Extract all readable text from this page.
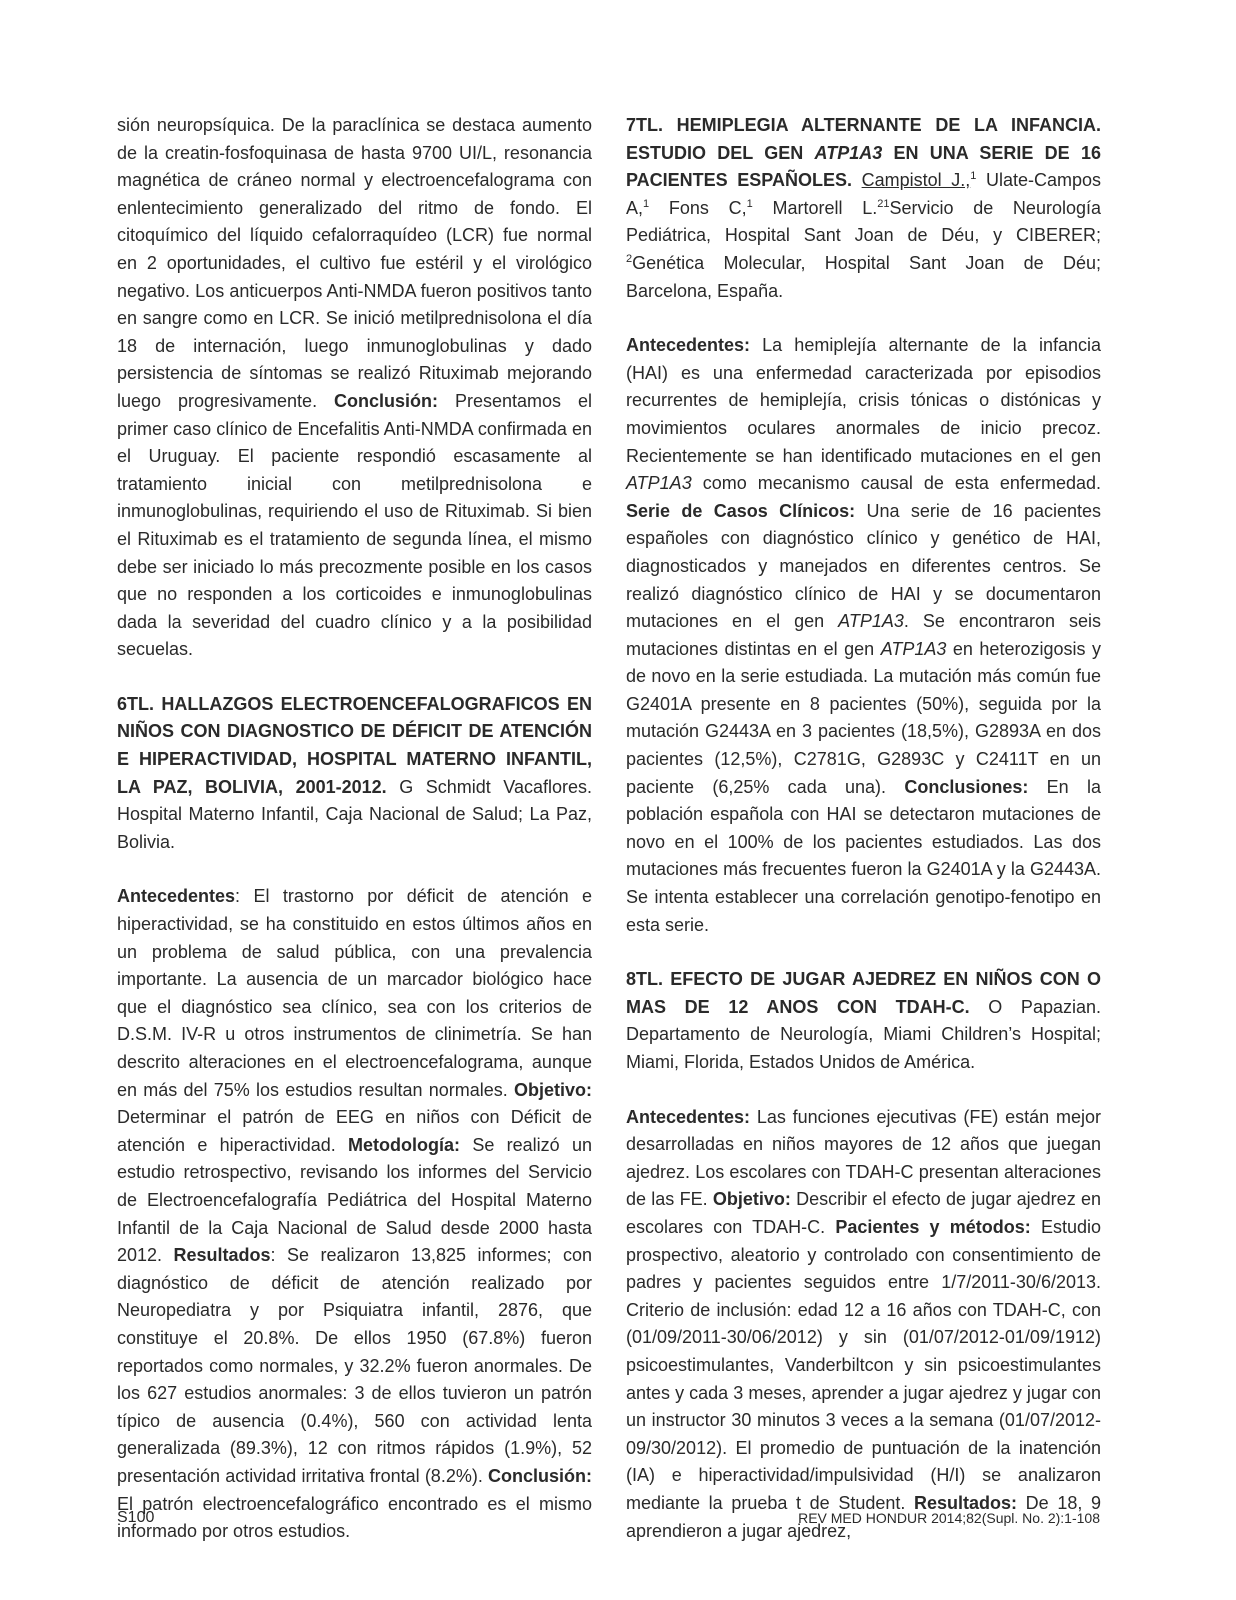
sión neuropsíquica. De la paraclínica se destaca aumento de la creatin-fosfoquinasa de hasta 9700 UI/L, resonancia magnética de cráneo normal y electroencefalograma con enlentecimiento generalizado del ritmo de fondo. El citoquímico del líquido cefalorraquídeo (LCR) fue normal en 2 oportunidades, el cultivo fue estéril y el virológico negativo. Los anticuerpos Anti-NMDA fueron positivos tanto en sangre como en LCR. Se inició metilprednisolona el día 18 de internación, luego inmunoglobulinas y dado persistencia de síntomas se realizó Rituximab mejorando luego progresivamente. Conclusión: Presentamos el primer caso clínico de Encefalitis Anti-NMDA confirmada en el Uruguay. El paciente respondió escasamente al tratamiento inicial con metilprednisolona e inmunoglobulinas, requiriendo el uso de Rituximab. Si bien el Rituximab es el tratamiento de segunda línea, el mismo debe ser iniciado lo más precozmente posible en los casos que no responden a los corticoides e inmunoglobulinas dada la severidad del cuadro clínico y a la posibilidad secuelas.

6TL. HALLAZGOS ELECTROENCEFALOGRAFICOS EN NIÑOS CON DIAGNOSTICO DE DÉFICIT DE ATENCIÓN E HIPERACTIVIDAD, HOSPITAL MATERNO INFANTIL, LA PAZ, BOLIVIA, 2001-2012. G Schmidt Vacaflores. Hospital Materno Infantil, Caja Nacional de Salud; La Paz, Bolivia.

Antecedentes: El trastorno por déficit de atención e hiperactividad, se ha constituido en estos últimos años en un problema de salud pública, con una prevalencia importante. La ausencia de un marcador biológico hace que el diagnóstico sea clínico, sea con los criterios de D.S.M. IV-R u otros instrumentos de clinimetría. Se han descrito alteraciones en el electroencefalograma, aunque en más del 75% los estudios resultan normales. Objetivo: Determinar el patrón de EEG en niños con Déficit de atención e hiperactividad. Metodología: Se realizó un estudio retrospectivo, revisando los informes del Servicio de Electroencefalografía Pediátrica del Hospital Materno Infantil de la Caja Nacional de Salud desde 2000 hasta 2012. Resultados: Se realizaron 13,825 informes; con diagnóstico de déficit de atención realizado por Neuropediatra y por Psiquiatra infantil, 2876, que constituye el 20.8%. De ellos 1950 (67.8%) fueron reportados como normales, y 32.2% fueron anormales. De los 627 estudios anormales: 3 de ellos tuvieron un patrón típico de ausencia (0.4%), 560 con actividad lenta generalizada (89.3%), 12 con ritmos rápidos (1.9%), 52 presentación actividad irritativa frontal (8.2%). Conclusión: El patrón electroencefalográfico encontrado es el mismo informado por otros estudios.

7TL. HEMIPLEGIA ALTERNANTE DE LA INFANCIA. ESTUDIO DEL GEN ATP1A3 EN UNA SERIE DE 16 PACIENTES ESPAÑOLES. Campistol J.,$^1$ Ulate-Campos A,$^1$ Fons C,$^1$ Martorell L.$^{21}$Servicio de Neurología Pediátrica, Hospital Sant Joan de Déu, y CIBERER; $^2$Genética Molecular, Hospital Sant Joan de Déu; Barcelona, España.

Antecedentes: La hemiplejía alternante de la infancia (HAI) es una enfermedad caracterizada por episodios recurrentes de hemiplejía, crisis tónicas o distónicas y movimientos oculares anormales de inicio precoz. Recientemente se han identificado mutaciones en el gen ATP1A3 como mecanismo causal de esta enfermedad. Serie de Casos Clínicos: Una serie de 16 pacientes españoles con diagnóstico clínico y genético de HAI, diagnosticados y manejados en diferentes centros. Se realizó diagnóstico clínico de HAI y se documentaron mutaciones en el gen ATP1A3. Se encontraron seis mutaciones distintas en el gen ATP1A3 en heterozigosis y de novo en la serie estudiada. La mutación más común fue G2401A presente en 8 pacientes (50%), seguida por la mutación G2443A en 3 pacientes (18,5%), G2893A en dos pacientes (12,5%), C2781G, G2893C y C2411T en un paciente (6,25% cada una). Conclusiones: En la población española con HAI se detectaron mutaciones de novo en el 100% de los pacientes estudiados. Las dos mutaciones más frecuentes fueron la G2401A y la G2443A. Se intenta establecer una correlación genotipo-fenotipo en esta serie.

8TL. EFECTO DE JUGAR AJEDREZ EN NIÑOS CON O MAS DE 12 ANOS CON TDAH-C. O Papazian. Departamento de Neurología, Miami Children’s Hospital; Miami, Florida, Estados Unidos de América.

Antecedentes: Las funciones ejecutivas (FE) están mejor desarrolladas en niños mayores de 12 años que juegan ajedrez. Los escolares con TDAH-C presentan alteraciones de las FE. Objetivo: Describir el efecto de jugar ajedrez en escolares con TDAH-C. Pacientes y métodos: Estudio prospectivo, aleatorio y controlado con consentimiento de padres y pacientes seguidos entre 1/7/2011-30/6/2013. Criterio de inclusión: edad 12 a 16 años con TDAH-C, con (01/09/2011-30/06/2012) y sin (01/07/2012-01/09/1912) psicoestimulantes, Vanderbiltcon y sin psicoestimulantes antes y cada 3 meses, aprender a jugar ajedrez y jugar con un instructor 30 minutos 3 veces a la semana (01/07/2012-09/30/2012). El promedio de puntuación de la inatención (IA) e hiperactividad/impulsividad (H/I) se analizaron mediante la prueba t de Student. Resultados: De 18, 9 aprendieron a jugar ajedrez,

S100	REV MED HONDUR 2014;82(Supl. No. 2):1-108
